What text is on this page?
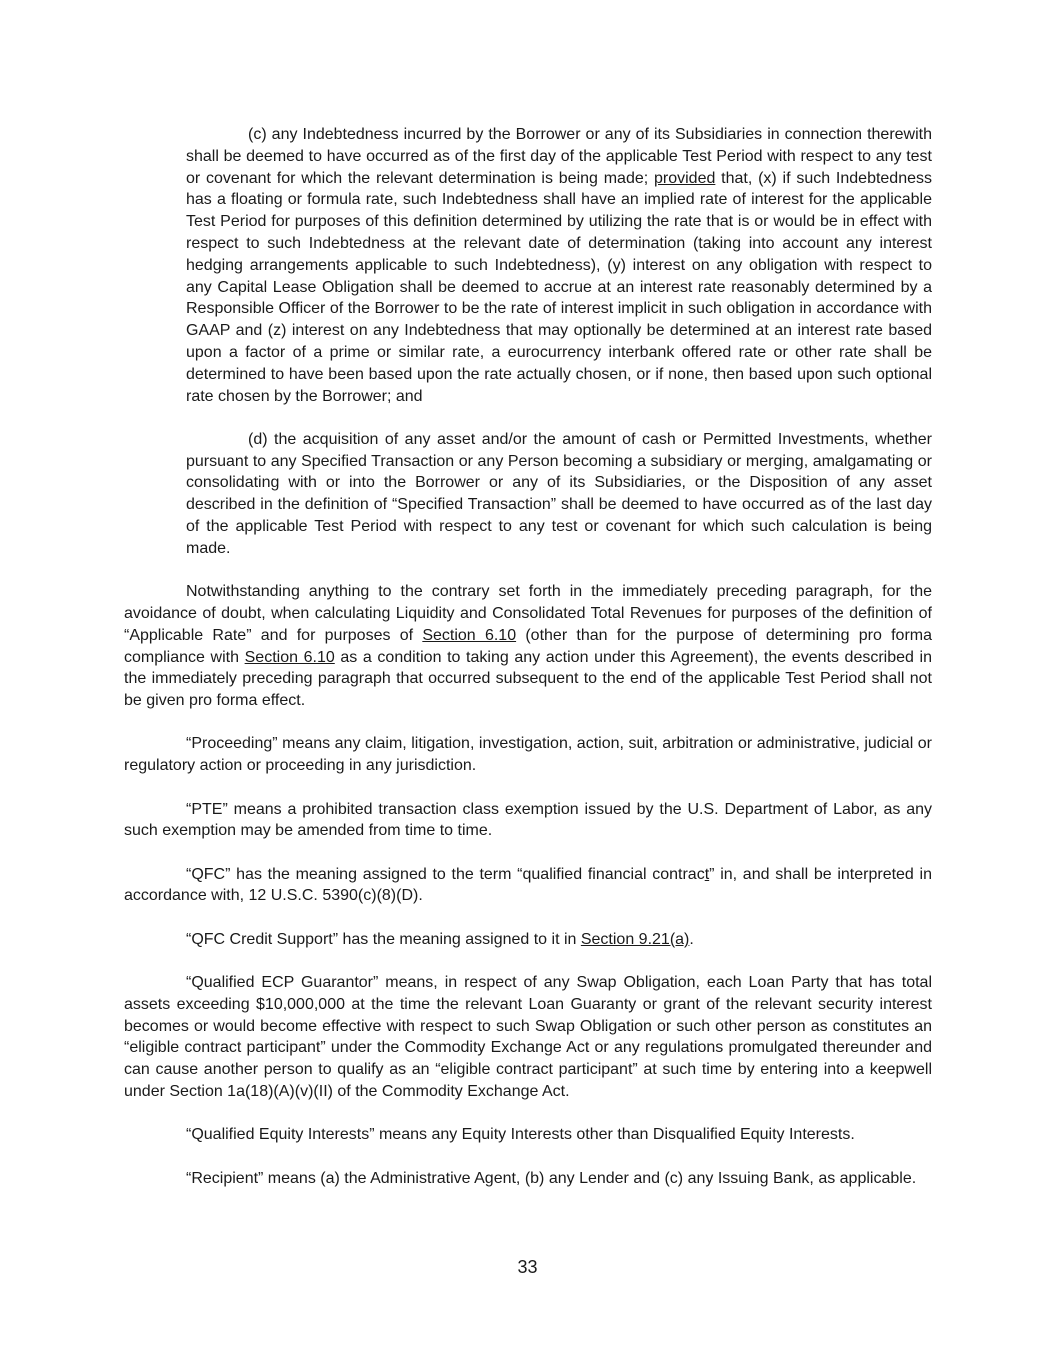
(c) any Indebtedness incurred by the Borrower or any of its Subsidiaries in connection therewith shall be deemed to have occurred as of the first day of the applicable Test Period with respect to any test or covenant for which the relevant determination is being made; provided that, (x) if such Indebtedness has a floating or formula rate, such Indebtedness shall have an implied rate of interest for the applicable Test Period for purposes of this definition determined by utilizing the rate that is or would be in effect with respect to such Indebtedness at the relevant date of determination (taking into account any interest hedging arrangements applicable to such Indebtedness), (y) interest on any obligation with respect to any Capital Lease Obligation shall be deemed to accrue at an interest rate reasonably determined by a Responsible Officer of the Borrower to be the rate of interest implicit in such obligation in accordance with GAAP and (z) interest on any Indebtedness that may optionally be determined at an interest rate based upon a factor of a prime or similar rate, a eurocurrency interbank offered rate or other rate shall be determined to have been based upon the rate actually chosen, or if none, then based upon such optional rate chosen by the Borrower; and

(d) the acquisition of any asset and/or the amount of cash or Permitted Investments, whether pursuant to any Specified Transaction or any Person becoming a subsidiary or merging, amalgamating or consolidating with or into the Borrower or any of its Subsidiaries, or the Disposition of any asset described in the definition of “Specified Transaction” shall be deemed to have occurred as of the last day of the applicable Test Period with respect to any test or covenant for which such calculation is being made.

Notwithstanding anything to the contrary set forth in the immediately preceding paragraph, for the avoidance of doubt, when calculating Liquidity and Consolidated Total Revenues for purposes of the definition of “Applicable Rate” and for purposes of Section 6.10 (other than for the purpose of determining pro forma compliance with Section 6.10 as a condition to taking any action under this Agreement), the events described in the immediately preceding paragraph that occurred subsequent to the end of the applicable Test Period shall not be given pro forma effect.

“Proceeding” means any claim, litigation, investigation, action, suit, arbitration or administrative, judicial or regulatory action or proceeding in any jurisdiction.

“PTE” means a prohibited transaction class exemption issued by the U.S. Department of Labor, as any such exemption may be amended from time to time.

“QFC” has the meaning assigned to the term “qualified financial contract” in, and shall be interpreted in accordance with, 12 U.S.C. 5390(c)(8)(D).

“QFC Credit Support” has the meaning assigned to it in Section 9.21(a).

“Qualified ECP Guarantor” means, in respect of any Swap Obligation, each Loan Party that has total assets exceeding $10,000,000 at the time the relevant Loan Guaranty or grant of the relevant security interest becomes or would become effective with respect to such Swap Obligation or such other person as constitutes an “eligible contract participant” under the Commodity Exchange Act or any regulations promulgated thereunder and can cause another person to qualify as an “eligible contract participant” at such time by entering into a keepwell under Section 1a(18)(A)(v)(II) of the Commodity Exchange Act.

“Qualified Equity Interests” means any Equity Interests other than Disqualified Equity Interests.

“Recipient” means (a) the Administrative Agent, (b) any Lender and (c) any Issuing Bank, as applicable.

33
